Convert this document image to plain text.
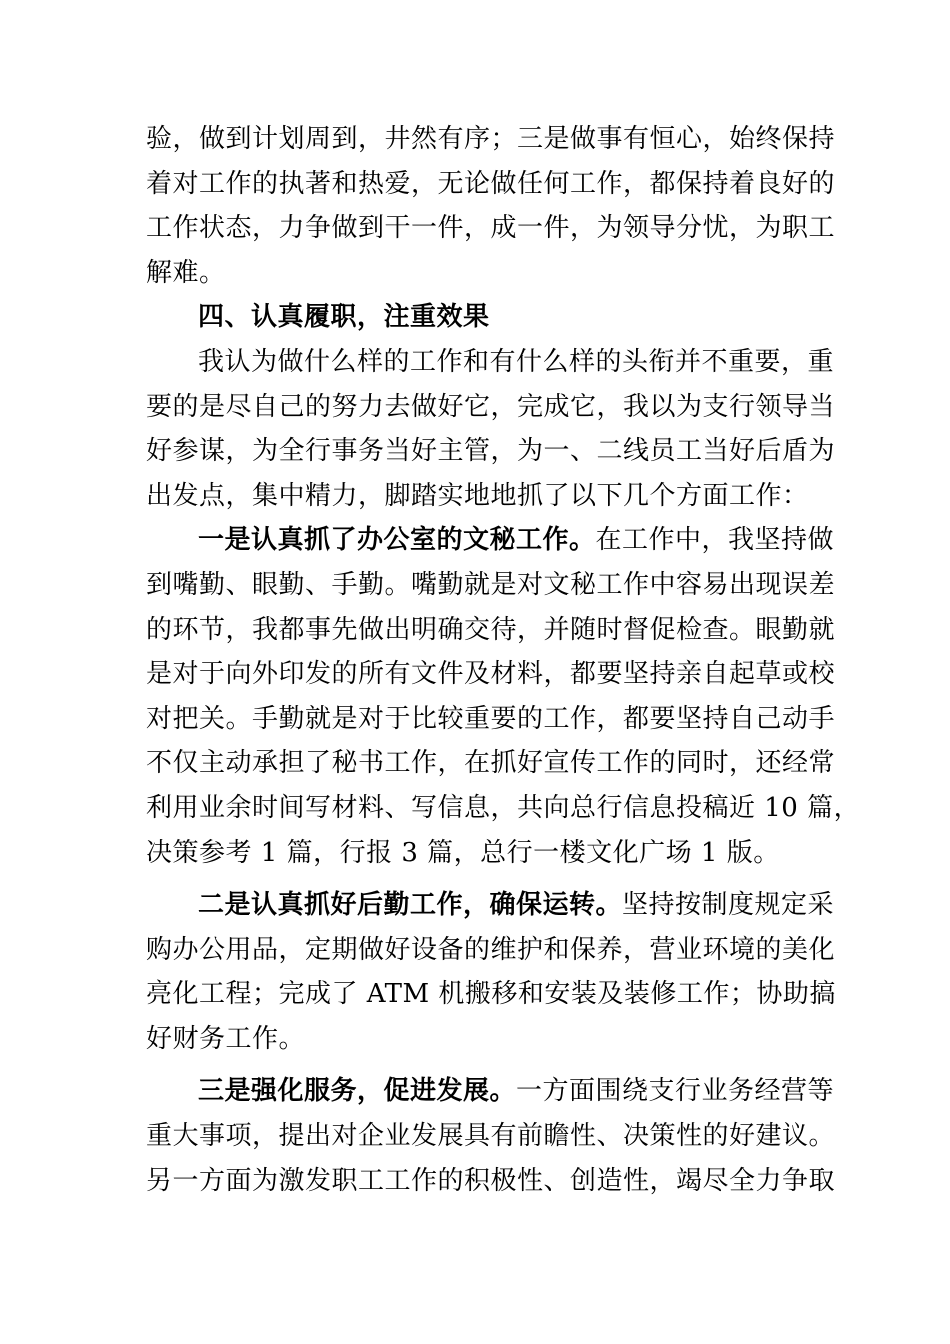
验，做到计划周到，井然有序；三是做事有恒心，始终保持
着对工作的执著和热爱，无论做任何工作，都保持着良好的
工作状态，力争做到干一件，成一件，为领导分忧，为职工
解难。
四、认真履职，注重效果
我认为做什么样的工作和有什么样的头衔并不重要，重
要的是尽自己的努力去做好它，完成它，我以为支行领导当
好参谋，为全行事务当好主管，为一、二线员工当好后盾为
出发点，集中精力，脚踏实地地抓了以下几个方面工作：
一是认真抓了办公室的文秘工作。在工作中，我坚持做
到嘴勤、眼勤、手勤。嘴勤就是对文秘工作中容易出现误差
的环节，我都事先做出明确交待，并随时督促检查。眼勤就
是对于向外印发的所有文件及材料，都要坚持亲自起草或校
对把关。手勤就是对于比较重要的工作，都要坚持自己动手
不仅主动承担了秘书工作，在抓好宣传工作的同时，还经常
利用业余时间写材料、写信息，共向总行信息投稿近 10 篇，
决策参考 1 篇，行报 3 篇，总行一楼文化广场 1 版。
二是认真抓好后勤工作，确保运转。坚持按制度规定采
购办公用品，定期做好设备的维护和保养，营业环境的美化
亮化工程；完成了 ATM 机搬移和安装及装修工作；协助搞
好财务工作。
三是强化服务，促进发展。一方面围绕支行业务经营等
重大事项，提出对企业发展具有前瞻性、决策性的好建议。
另一方面为激发职工工作的积极性、创造性，竭尽全力争取
